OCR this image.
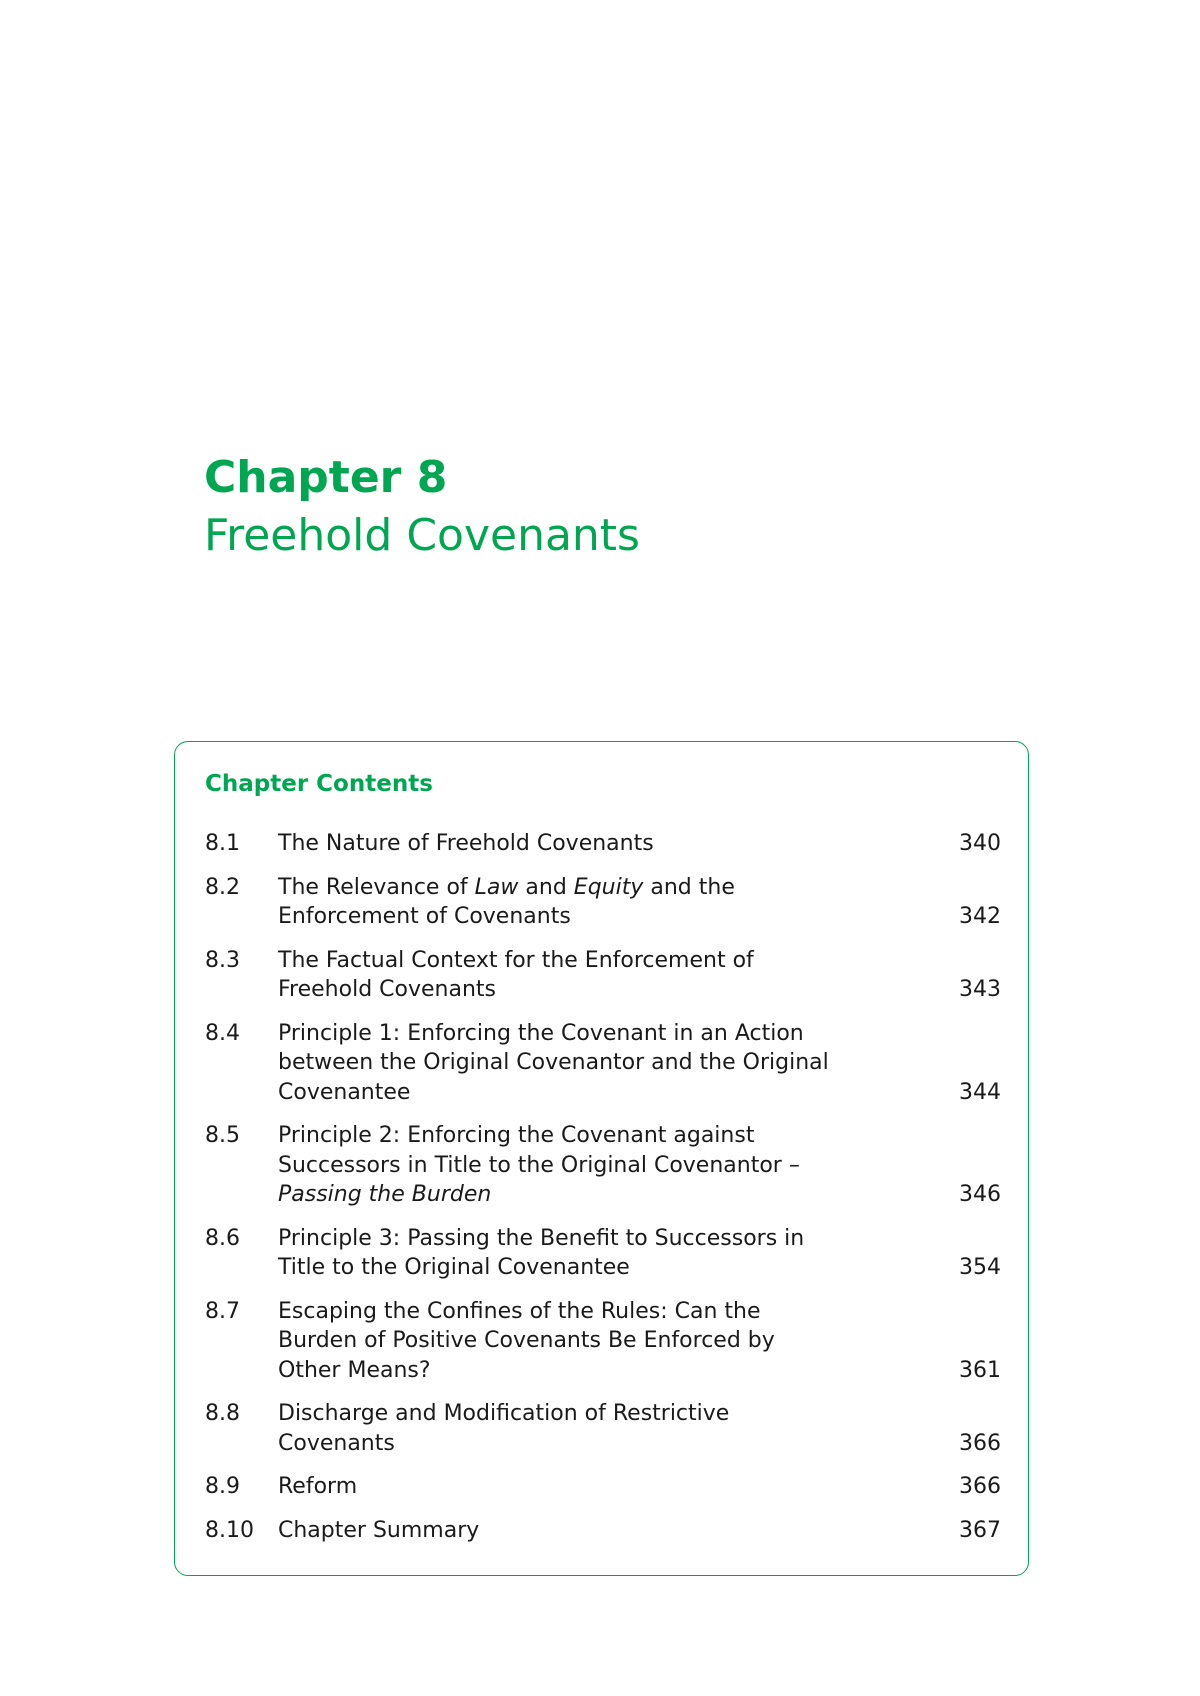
Chapter 8
Freehold Covenants
Chapter Contents
8.1	The Nature of Freehold Covenants	340
8.2	The Relevance of Law and Equity and the
Enforcement of Covenants	342
8.3	The Factual Context for the Enforcement of
Freehold Covenants	343
8.4	Principle 1: Enforcing the Covenant in an Action
between the Original Covenantor and the Original
Covenantee	344
8.5	Principle 2: Enforcing the Covenant against
Successors in Title to the Original Covenantor –
Passing the Burden	346
8.6	Principle 3: Passing the Benefit to Successors in
Title to the Original Covenantee	354
8.7	Escaping the Confines of the Rules: Can the
Burden of Positive Covenants Be Enforced by
Other Means?	361
8.8	Discharge and Modification of Restrictive
Covenants	366
8.9	Reform	366
8.10	Chapter Summary	367
